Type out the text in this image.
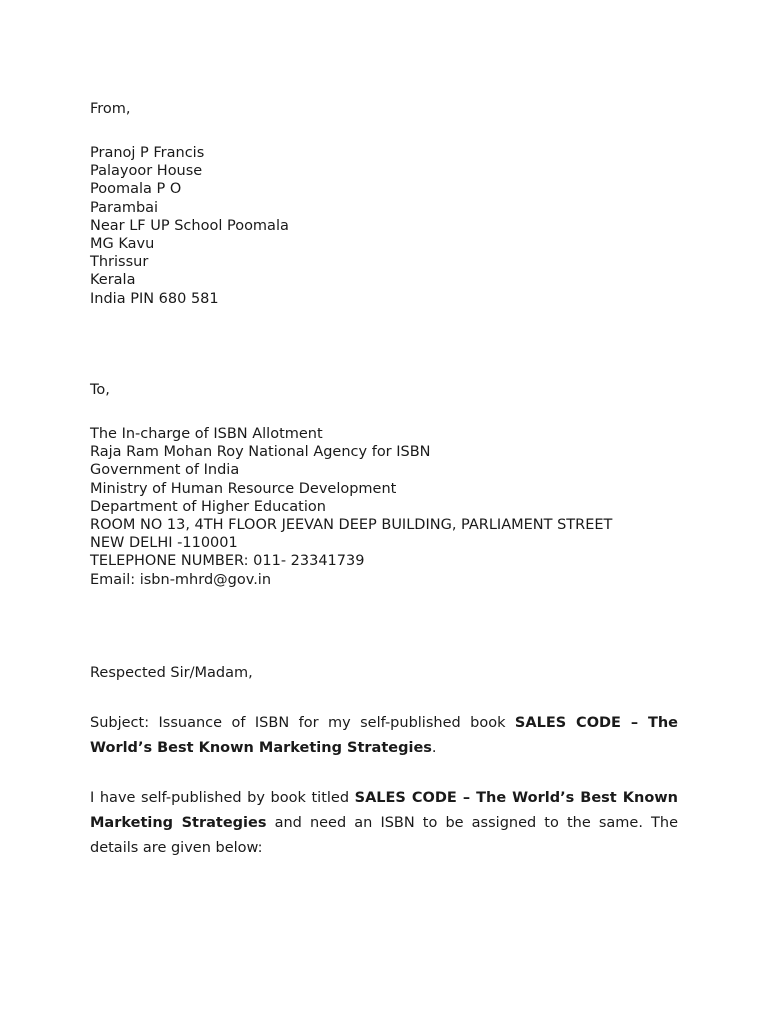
From,
Pranoj P Francis
Palayoor House
Poomala P O
Parambai
Near LF UP School Poomala
MG Kavu
Thrissur
Kerala
India PIN 680 581
To,
The In-charge of ISBN Allotment
Raja Ram Mohan Roy National Agency for ISBN
Government of India
Ministry of Human Resource Development
Department of Higher Education
ROOM NO 13, 4TH FLOOR JEEVAN DEEP BUILDING, PARLIAMENT STREET
NEW DELHI -110001
TELEPHONE NUMBER: 011- 23341739
Email: isbn-mhrd@gov.in
Respected Sir/Madam,
Subject: Issuance of ISBN for my self-published book SALES CODE – The World’s Best Known Marketing Strategies.
I have self-published by book titled SALES CODE – The World’s Best Known Marketing Strategies and need an ISBN to be assigned to the same. The details are given below:
